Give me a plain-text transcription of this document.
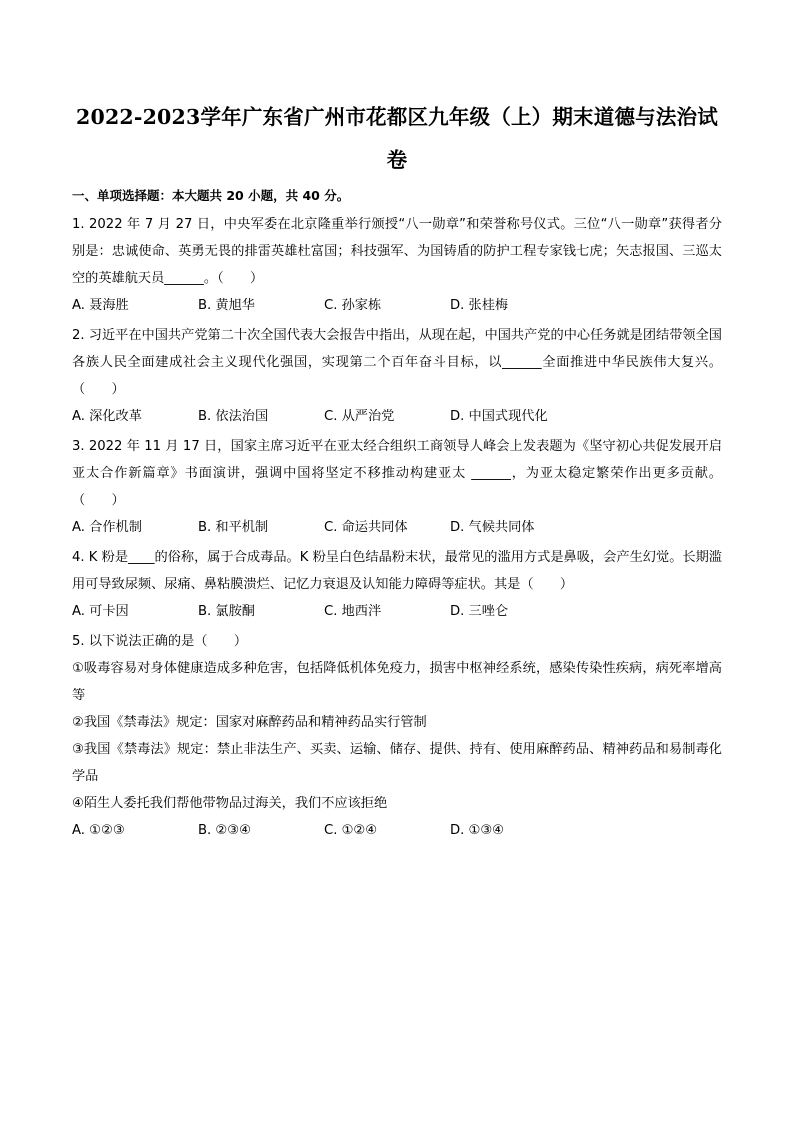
2022-2023学年广东省广州市花都区九年级（上）期末道德与法治试
卷
一、单项选择题：本大题共 20 小题，共 40 分。

1. 2022 年 7 月 27 日，中央军委在北京隆重举行颁授“八一勋章”和荣誉称号仪式。三位“八一勋章”获得者分别是：忠诚使命、英勇无畏的排雷英雄杜富国；科技强军、为国铸盾的防护工程专家钱七虎；矢志报国、三巡太空的英雄航天员______。（　　）

A. 聂海胜	B. 黄旭华	C. 孙家栋	D. 张桂梅

2. 习近平在中国共产党第二十次全国代表大会报告中指出，从现在起，中国共产党的中心任务就是团结带领全国各族人民全面建成社会主义现代化强国，实现第二个百年奋斗目标，以______全面推进中华民族伟大复兴。（　　）

A. 深化改革	B. 依法治国	C. 从严治党	D. 中国式现代化

3. 2022 年 11 月 17 日，国家主席习近平在亚太经合组织工商领导人峰会上发表题为《坚守初心共促发展开启亚太合作新篇章》书面演讲，强调中国将坚定不移推动构建亚太 ______，为亚太稳定繁荣作出更多贡献。（　　）

A. 合作机制	B. 和平机制	C. 命运共同体	D. 气候共同体

4. K 粉是____的俗称，属于合成毒品。K 粉呈白色结晶粉末状，最常见的滥用方式是鼻吸，会产生幻觉。长期滥用可导致尿频、尿痛、鼻粘膜溃烂、记忆力衰退及认知能力障碍等症状。其是（　　）

A. 可卡因	B. 氯胺酮	C. 地西泮	D. 三唑仑

5. 以下说法正确的是（　　）

①吸毒容易对身体健康造成多种危害，包括降低机体免疫力，损害中枢神经系统，感染传染性疾病，病死率增高等

②我国《禁毒法》规定：国家对麻醉药品和精神药品实行管制

③我国《禁毒法》规定：禁止非法生产、买卖、运输、储存、提供、持有、使用麻醉药品、精神药品和易制毒化学品

④陌生人委托我们帮他带物品过海关，我们不应该拒绝

A. ①②③	B. ②③④	C. ①②④	D. ①③④
